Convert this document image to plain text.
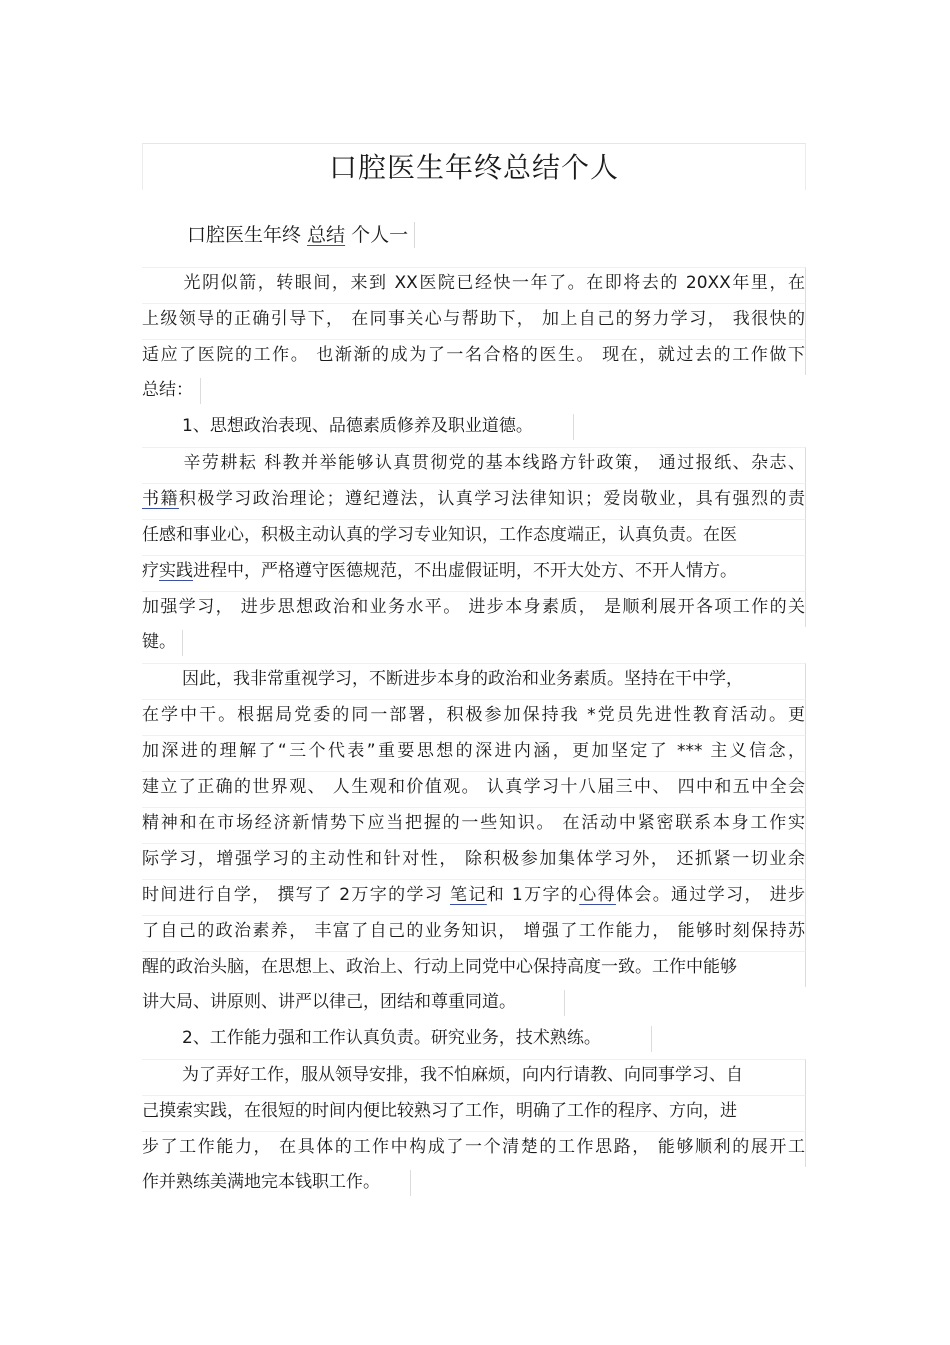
口腔医生年终总结个人
口腔医生年终 总结 个人一
光阴似箭，转眼间，来到 XX医院已经快一年了。在即将去的 20XX年里，在
上级领导的正确引导下， 在同事关心与帮助下， 加上自己的努力学习， 我很快的
适应了医院的工作。 也渐渐的成为了一名合格的医生。 现在，就过去的工作做下
总结：
1、思想政治表现、品德素质修养及职业道德。
辛劳耕耘 科教并举能够认真贯彻党的基本线路方针政策， 通过报纸、杂志、
书籍积极学习政治理论；遵纪遵法，认真学习法律知识；爱岗敬业，具有强烈的责
任感和事业心，积极主动认真的学习专业知识，工作态度端正，认真负责。在医
疗实践进程中，严格遵守医德规范，不出虚假证明，不开大处方、不开人情方。
加强学习， 进步思想政治和业务水平。 进步本身素质， 是顺利展开各项工作的关
键。
因此，我非常重视学习，不断进步本身的政治和业务素质。坚持在干中学，
在学中干。根据局党委的同一部署，积极参加保持我 *党员先进性教育活动。更
加深进的理解了“三个代表”重要思想的深进内涵，更加坚定了 *** 主义信念，
建立了正确的世界观、 人生观和价值观。 认真学习十八届三中、 四中和五中全会
精神和在市场经济新情势下应当把握的一些知识。 在活动中紧密联系本身工作实
际学习，增强学习的主动性和针对性， 除积极参加集体学习外， 还抓紧一切业余
时间进行自学， 撰写了 2万字的学习 笔记和 1万字的心得体会。通过学习， 进步
了自己的政治素养， 丰富了自己的业务知识， 增强了工作能力， 能够时刻保持苏
醒的政治头脑，在思想上、政治上、行动上同党中心保持高度一致。工作中能够
讲大局、讲原则、讲严以律己，团结和尊重同道。
2、工作能力强和工作认真负责。研究业务，技术熟练。
为了弄好工作，服从领导安排，我不怕麻烦，向内行请教、向同事学习、自
己摸索实践，在很短的时间内便比较熟习了工作，明确了工作的程序、方向，进
步了工作能力， 在具体的工作中构成了一个清楚的工作思路， 能够顺利的展开工
作并熟练美满地完本钱职工作。
